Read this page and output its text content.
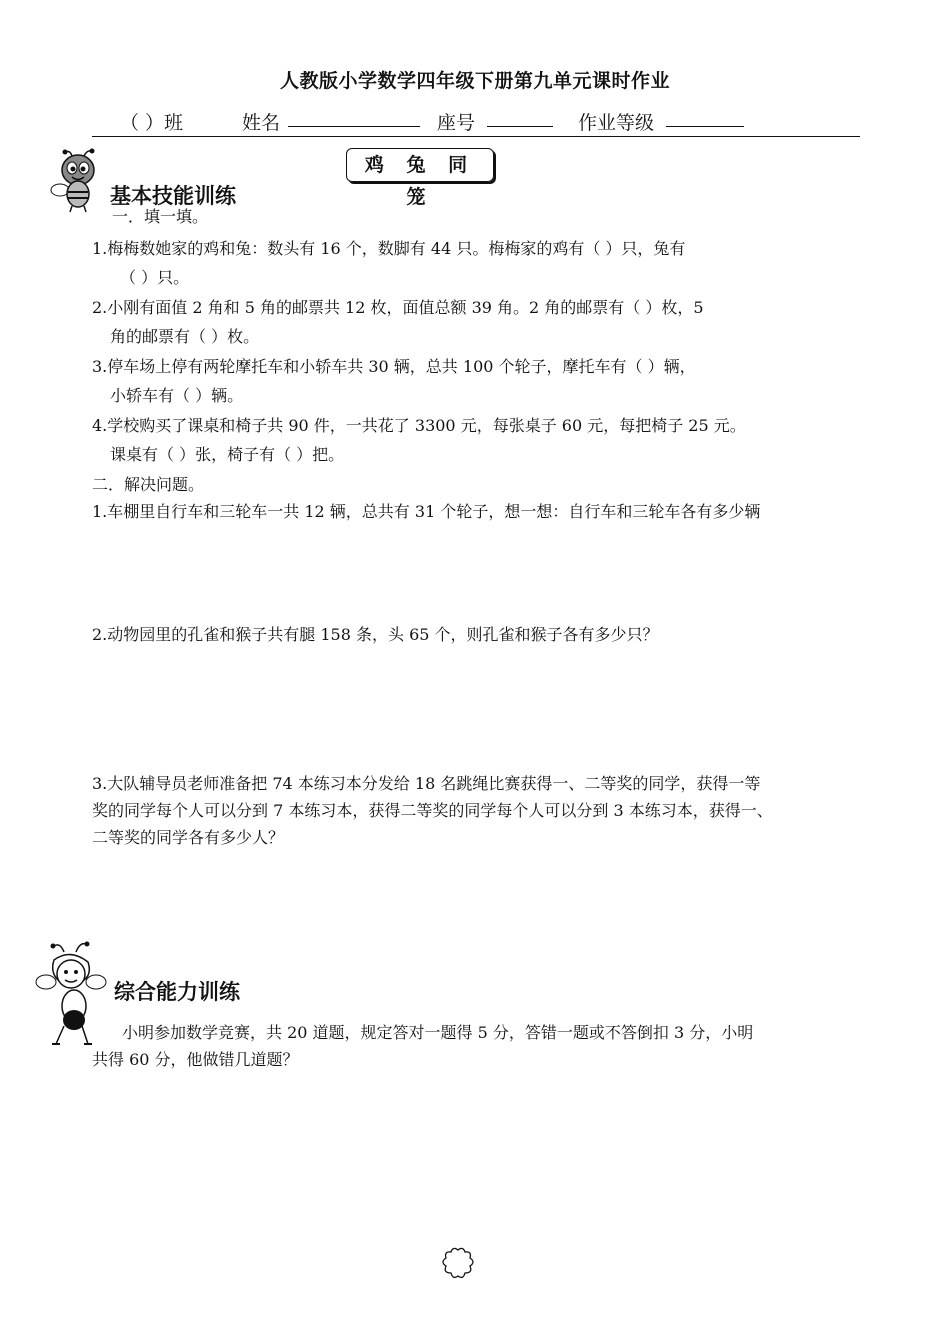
人教版小学数学四年级下册第九单元课时作业
（ ）班	姓名	座号	作业等级
鸡 兔 同 笼
基本技能训练
一．填一填。
1.梅梅数她家的鸡和兔：数头有 16 个，数脚有 44 只。梅梅家的鸡有（ ）只，兔有
（ ）只。
2.小刚有面值 2 角和 5 角的邮票共 12 枚，面值总额 39 角。2 角的邮票有（ ）枚，5
角的邮票有（ ）枚。
3.停车场上停有两轮摩托车和小轿车共 30 辆，总共 100 个轮子，摩托车有（ ）辆，
小轿车有（ ）辆。
4.学校购买了课桌和椅子共 90 件，一共花了 3300 元，每张桌子 60 元，每把椅子 25 元。
课桌有（ ）张，椅子有（ ）把。
二．解决问题。
1.车棚里自行车和三轮车一共 12 辆，总共有 31 个轮子，想一想：自行车和三轮车各有多少辆
2.动物园里的孔雀和猴子共有腿 158 条，头 65 个，则孔雀和猴子各有多少只？
3.大队辅导员老师准备把 74 本练习本分发给 18 名跳绳比赛获得一、二等奖的同学，获得一等
奖的同学每个人可以分到 7 本练习本，获得二等奖的同学每个人可以分到 3 本练习本，获得一、
二等奖的同学各有多少人？
综合能力训练
小明参加数学竞赛，共 20 道题，规定答对一题得 5 分，答错一题或不答倒扣 3 分，小明
共得 60 分，他做错几道题？
